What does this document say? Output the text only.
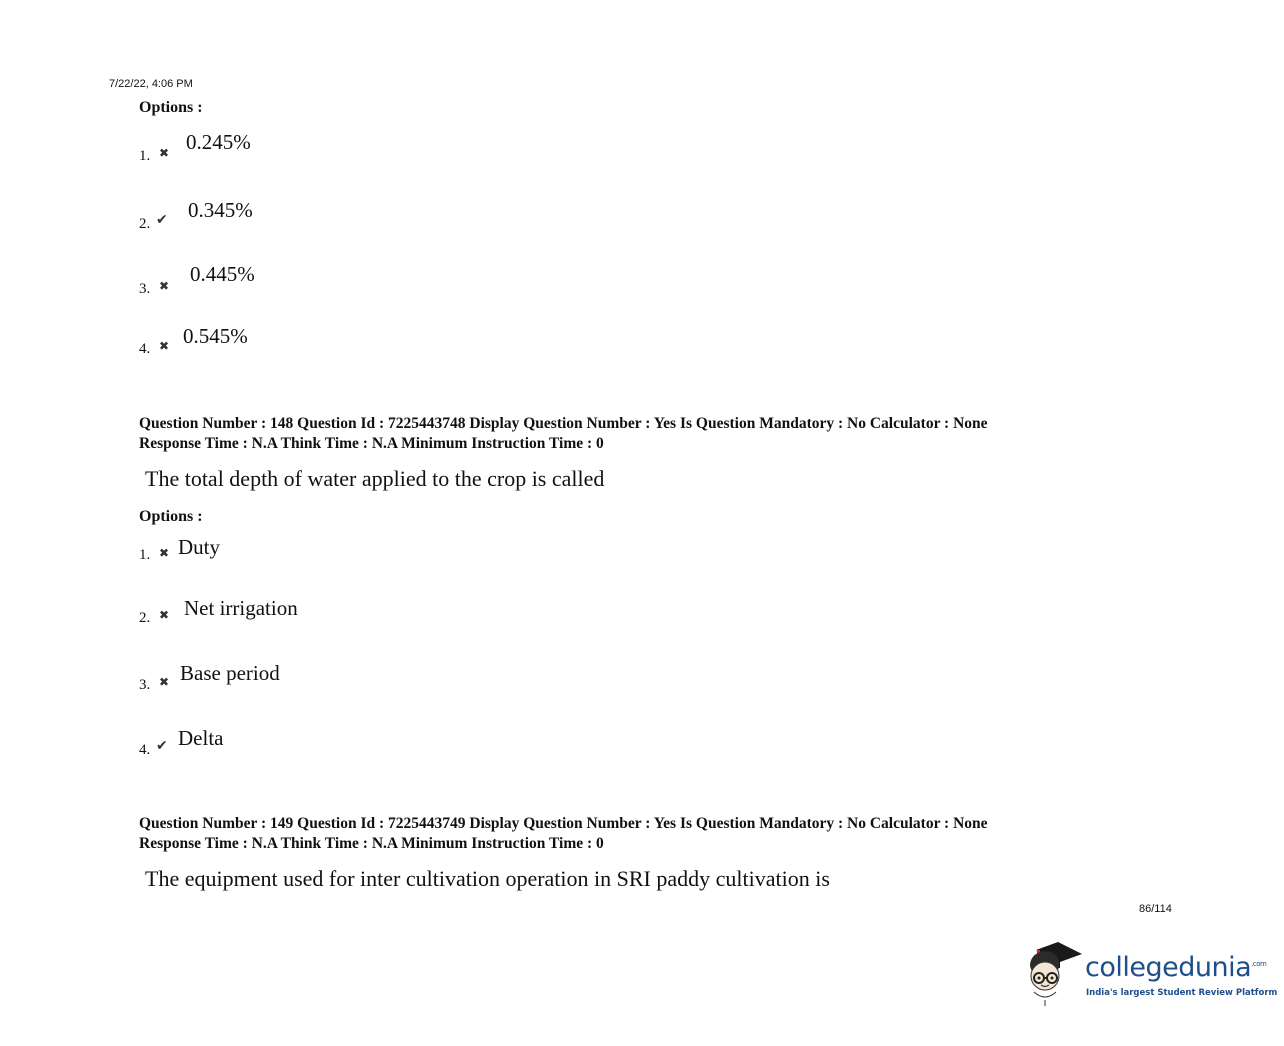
7/22/22, 4:06 PM
Options :
1. ✖ 0.245%
2. ✔ 0.345%
3. ✖ 0.445%
4. ✖ 0.545%
Question Number : 148 Question Id : 7225443748 Display Question Number : Yes Is Question Mandatory : No Calculator : None
Response Time : N.A Think Time : N.A Minimum Instruction Time : 0
The total depth of water applied to the crop is called
Options :
1. ✖ Duty
2. ✖ Net irrigation
3. ✖ Base period
4. ✔ Delta
Question Number : 149 Question Id : 7225443749 Display Question Number : Yes Is Question Mandatory : No Calculator : None
Response Time : N.A Think Time : N.A Minimum Instruction Time : 0
The equipment used for inter cultivation operation in SRI paddy cultivation is
86/114
collegedunia$^{.com}$
India's largest Student Review Platform
